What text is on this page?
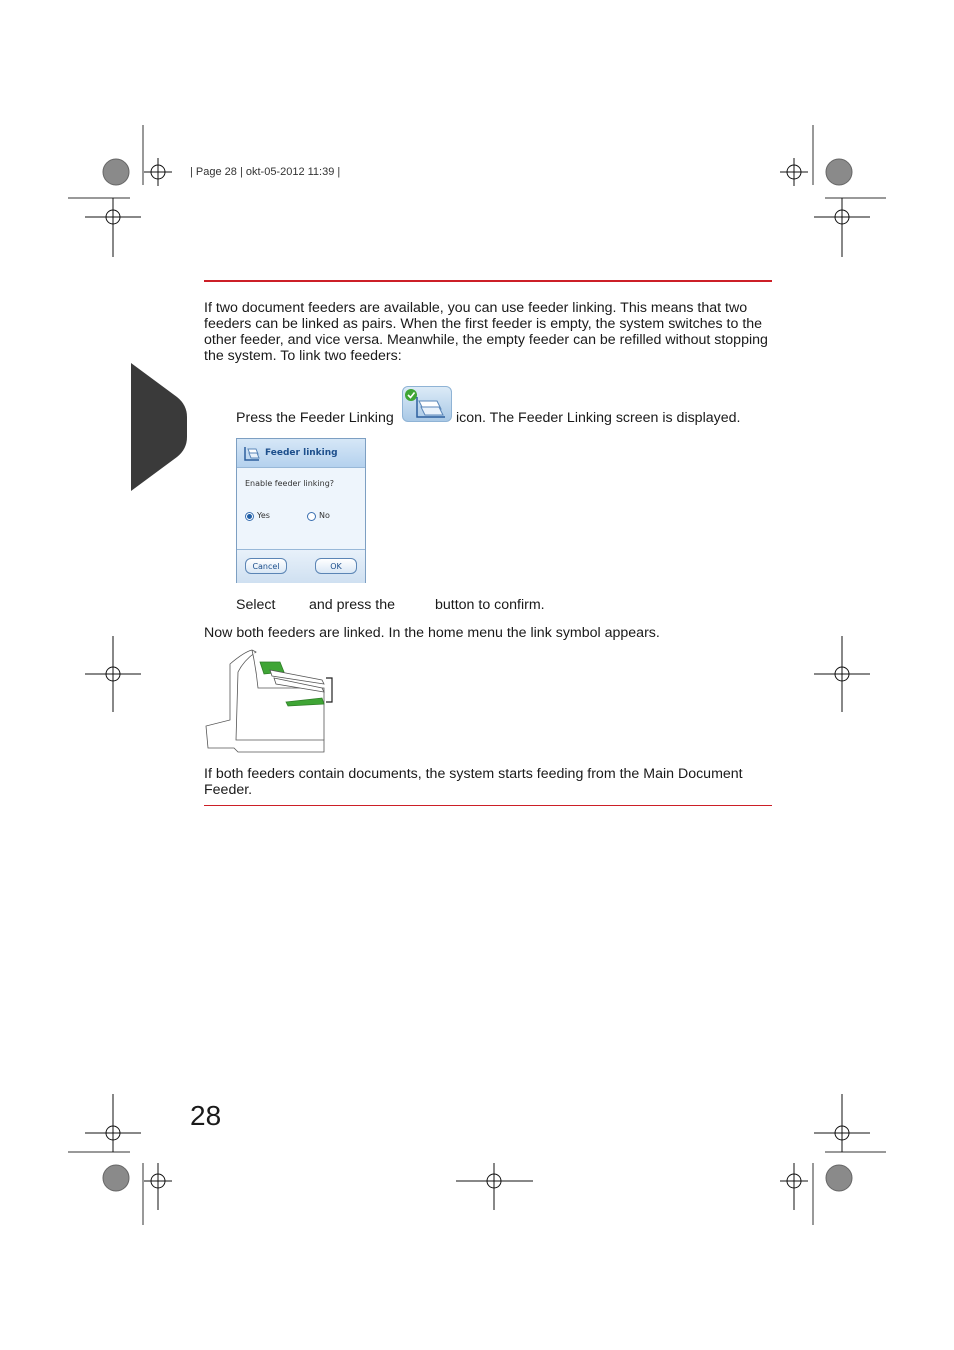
| Page 28 | okt-05-2012 11:39 |
If two document feeders are available, you can use feeder linking. This means that two feeders can be linked as pairs. When the first feeder is empty, the system switches to the other feeder, and vice versa. Meanwhile, the empty feeder can be refilled without stopping the system. To link two feeders:
Press the Feeder Linking	icon. The Feeder Linking screen is displayed.
Feeder linking
Enable feeder linking?
Yes	No
Cancel	OK
Select and press the	button to confirm.
Now both feeders are linked. In the home menu the link symbol appears.
If both feeders contain documents, the system starts feeding from the Main Document Feeder.
28
